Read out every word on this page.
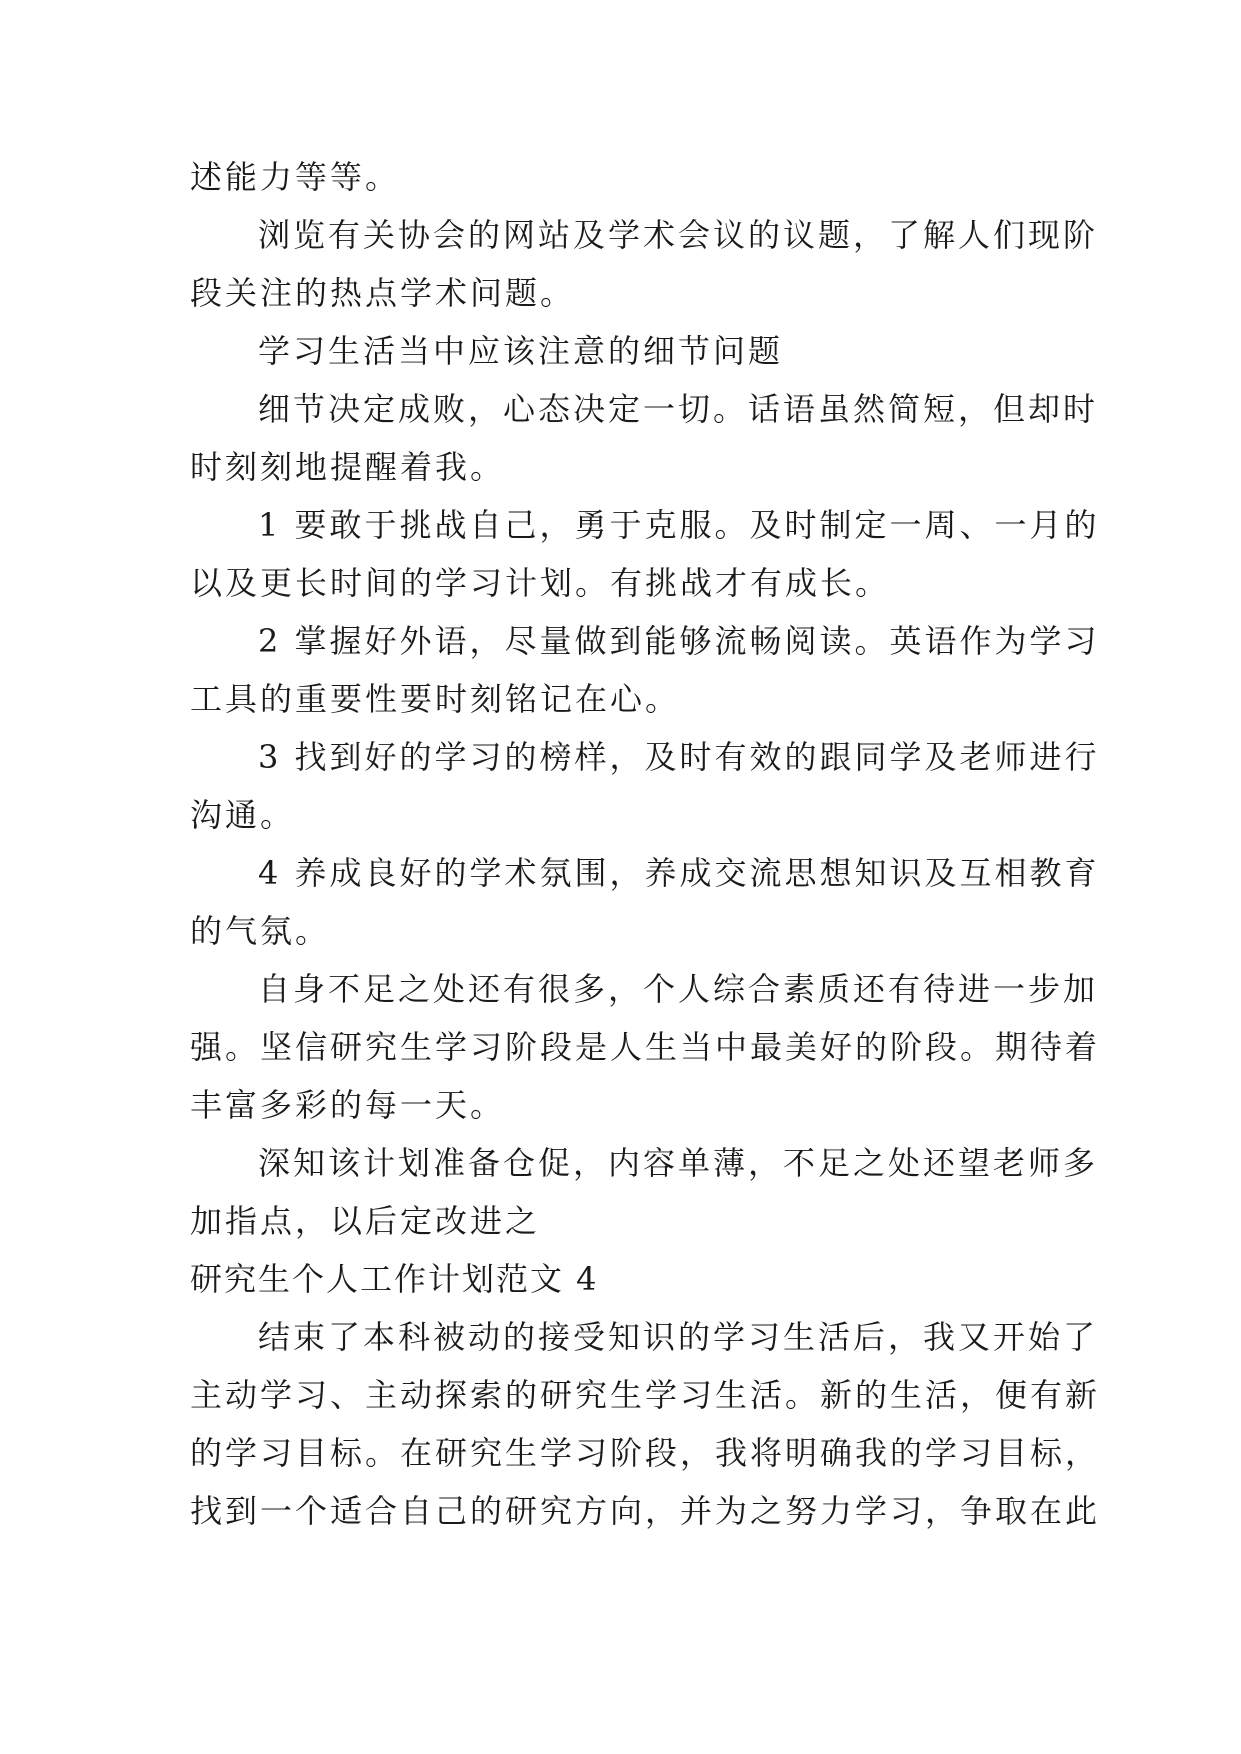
述能力等等。
浏览有关协会的网站及学术会议的议题，了解人们现阶
段关注的热点学术问题。
学习生活当中应该注意的细节问题
细节决定成败，心态决定一切。话语虽然简短，但却时
时刻刻地提醒着我。
1 要敢于挑战自己，勇于克服。及时制定一周、一月的
以及更长时间的学习计划。有挑战才有成长。
2 掌握好外语，尽量做到能够流畅阅读。英语作为学习
工具的重要性要时刻铭记在心。
3 找到好的学习的榜样，及时有效的跟同学及老师进行
沟通。
4 养成良好的学术氛围，养成交流思想知识及互相教育
的气氛。
自身不足之处还有很多，个人综合素质还有待进一步加
强。坚信研究生学习阶段是人生当中最美好的阶段。期待着
丰富多彩的每一天。
深知该计划准备仓促，内容单薄，不足之处还望老师多
加指点，以后定改进之
研究生个人工作计划范文 4
结束了本科被动的接受知识的学习生活后，我又开始了
主动学习、主动探索的研究生学习生活。新的生活，便有新
的学习目标。在研究生学习阶段，我将明确我的学习目标，
找到一个适合自己的研究方向，并为之努力学习，争取在此
